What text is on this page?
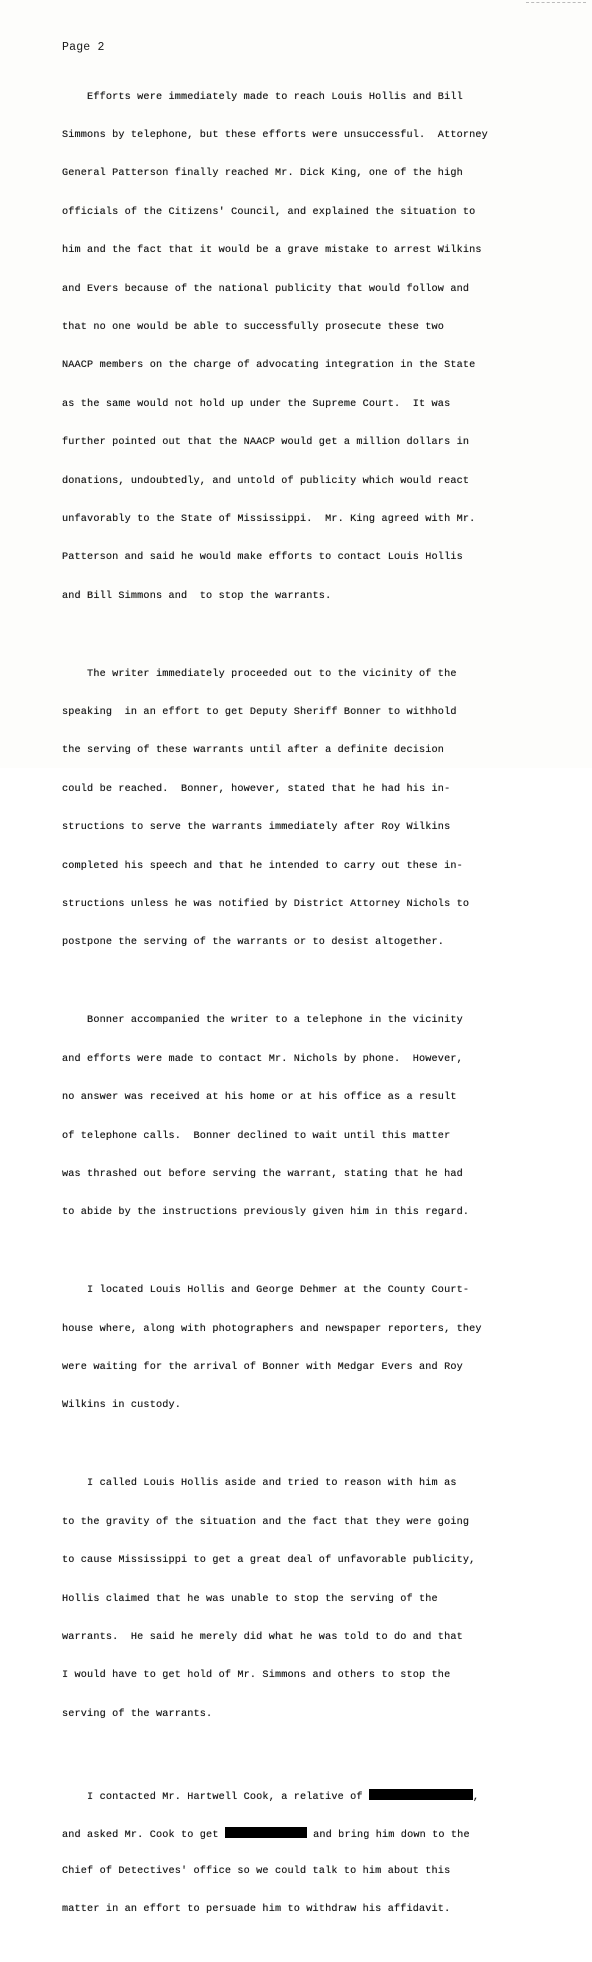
Page 2

Efforts were immediately made to reach Louis Hollis and Bill

Simmons by telephone, but these efforts were unsuccessful.  Attorney

General Patterson finally reached Mr. Dick King, one of the high

officials of the Citizens' Council, and explained the situation to

him and the fact that it would be a grave mistake to arrest Wilkins

and Evers because of the national publicity that would follow and

that no one would be able to successfully prosecute these two

NAACP members on the charge of advocating integration in the State

as the same would not hold up under the Supreme Court.  It was

further pointed out that the NAACP would get a million dollars in

donations, undoubtedly, and untold of publicity which would react

unfavorably to the State of Mississippi.  Mr. King agreed with Mr.

Patterson and said he would make efforts to contact Louis Hollis

and Bill Simmons and  to stop the warrants.

The writer immediately proceeded out to the vicinity of the

speaking  in an effort to get Deputy Sheriff Bonner to withhold

the serving of these warrants until after a definite decision

could be reached.  Bonner, however, stated that he had his in-

structions to serve the warrants immediately after Roy Wilkins

completed his speech and that he intended to carry out these in-

structions unless he was notified by District Attorney Nichols to

postpone the serving of the warrants or to desist altogether.

Bonner accompanied the writer to a telephone in the vicinity

and efforts were made to contact Mr. Nichols by phone.  However,

no answer was received at his home or at his office as a result

of telephone calls.  Bonner declined to wait until this matter

was thrashed out before serving the warrant, stating that he had

to abide by the instructions previously given him in this regard.

I located Louis Hollis and George Dehmer at the County Court-

house where, along with photographers and newspaper reporters, they

were waiting for the arrival of Bonner with Medgar Evers and Roy

Wilkins in custody.

I called Louis Hollis aside and tried to reason with him as

to the gravity of the situation and the fact that they were going

to cause Mississippi to get a great deal of unfavorable publicity,

Hollis claimed that he was unable to stop the serving of the

warrants.  He said he merely did what he was told to do and that

I would have to get hold of Mr. Simmons and others to stop the

serving of the warrants.

I contacted Mr. Hartwell Cook, a relative of	,

and asked Mr. Cook to get	and bring him down to the

Chief of Detectives' office so we could talk to him about this

matter in an effort to persuade him to withdraw his affidavit.
